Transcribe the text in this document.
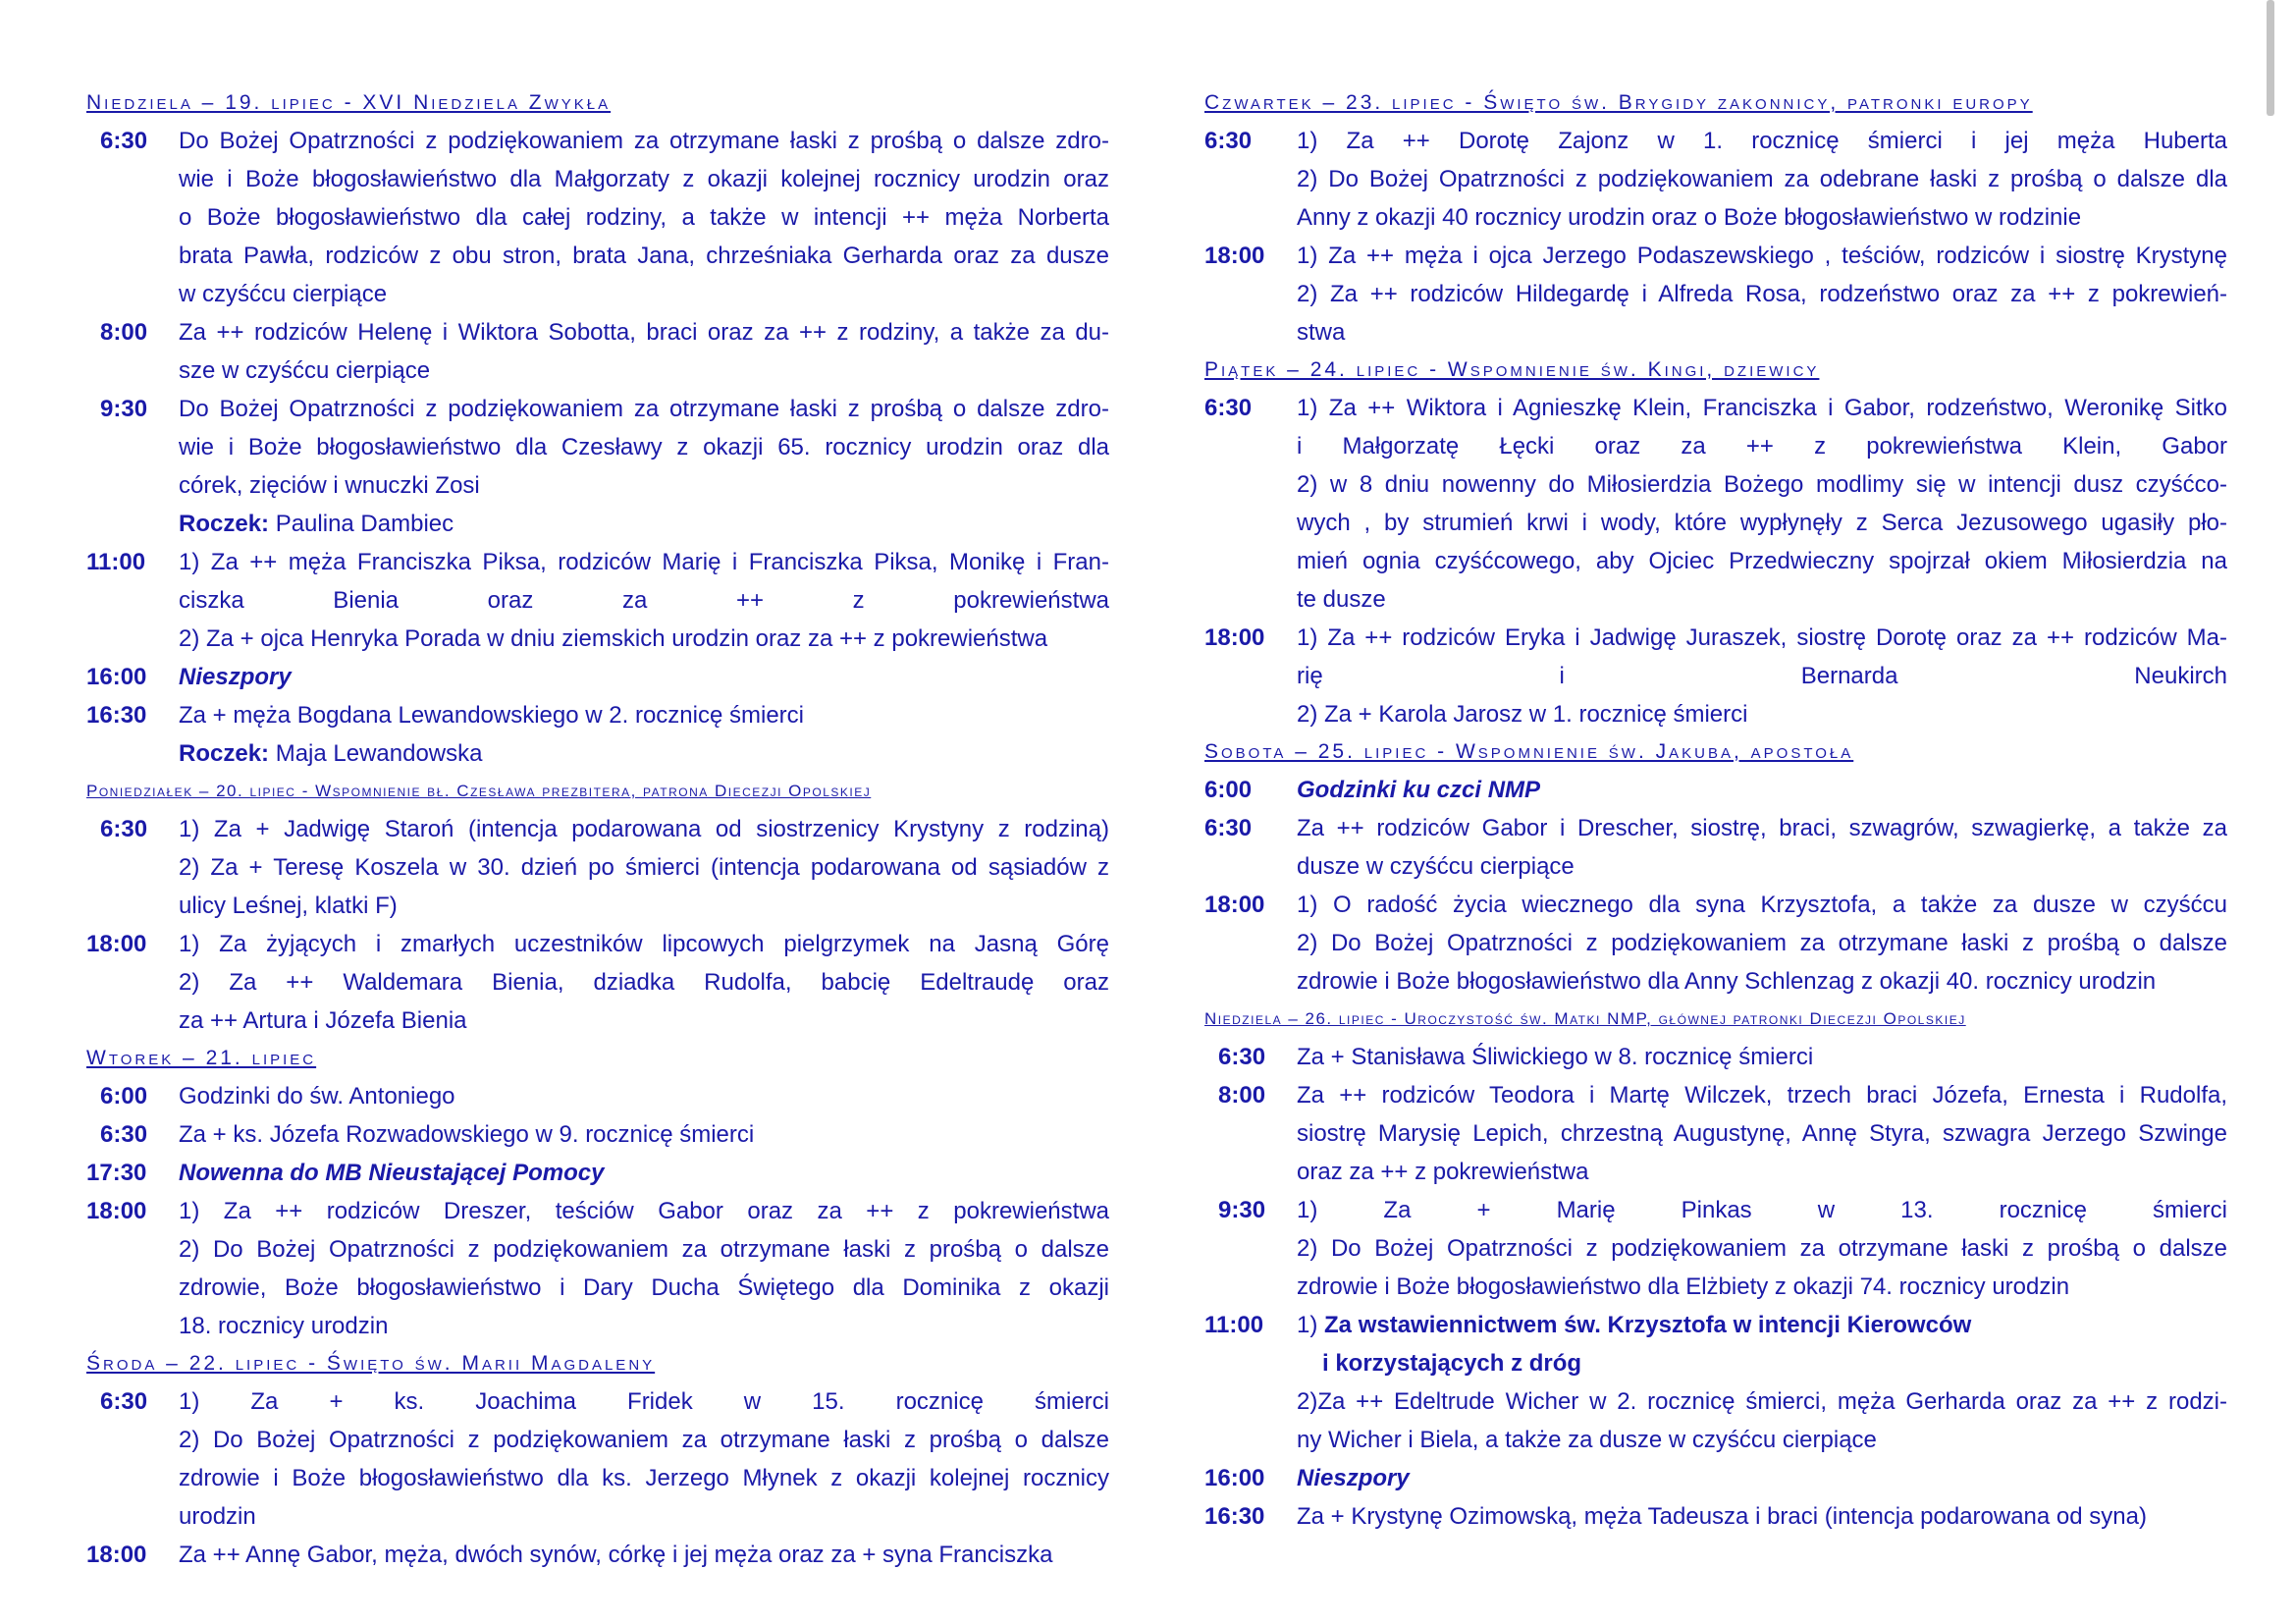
Niedziela – 19. lipiec - XVI Niedziela Zwykła
6:30	Do Bożej Opatrzności z podziękowaniem za otrzymane łaski z prośbą o dalsze zdro-
wie i Boże błogosławieństwo dla Małgorzaty z okazji kolejnej rocznicy urodzin oraz
o Boże błogosławieństwo dla całej rodziny, a także w intencji ++ męża Norberta
brata Pawła, rodziców z obu stron, brata Jana, chrześniaka Gerharda oraz za dusze
w czyśćcu cierpiące
8:00	Za ++ rodziców Helenę i Wiktora Sobotta, braci oraz za ++ z rodziny, a także za du-
sze w czyśćcu cierpiące
9:30	Do Bożej Opatrzności z podziękowaniem za otrzymane łaski z prośbą o dalsze zdro-
wie i Boże błogosławieństwo dla Czesławy z okazji 65. rocznicy urodzin oraz dla
córek, zięciów i wnuczki Zosi
Roczek: Paulina Dambiec
11:00	1) Za ++ męża Franciszka Piksa, rodziców Marię i Franciszka Piksa, Monikę i Fran-
ciszka Bienia oraz za ++ z pokrewieństwa
2) Za + ojca Henryka Porada w dniu ziemskich urodzin oraz za ++ z pokrewieństwa
16:00	Nieszpory
16:30	Za + męża Bogdana Lewandowskiego w 2. rocznicę śmierci
Roczek: Maja Lewandowska
Poniedziałek – 20. lipiec - Wspomnienie bł. Czesława prezbitera, patrona Diecezji Opolskiej
6:30	1) Za + Jadwigę Staroń (intencja podarowana od siostrzenicy Krystyny z rodziną)
2) Za + Teresę Koszela w 30. dzień po śmierci (intencja podarowana od sąsiadów z
ulicy Leśnej, klatki F)
18:00	1) Za żyjących i zmarłych uczestników lipcowych pielgrzymek na Jasną Górę
2) Za ++ Waldemara Bienia, dziadka Rudolfa, babcię Edeltraudę oraz
za ++ Artura i Józefa Bienia
Wtorek – 21. lipiec
6:00	Godzinki do św. Antoniego
6:30	Za + ks. Józefa Rozwadowskiego w 9. rocznicę śmierci
17:30	Nowenna do MB Nieustającej Pomocy
18:00	1) Za ++ rodziców Dreszer, teściów Gabor oraz za ++ z pokrewieństwa
2) Do Bożej Opatrzności z podziękowaniem za otrzymane łaski z prośbą o dalsze
zdrowie, Boże błogosławieństwo i Dary Ducha Świętego dla Dominika z okazji
18. rocznicy urodzin
Środa – 22. lipiec - Święto św. Marii Magdaleny
6:30	1) Za + ks. Joachima Fridek w 15. rocznicę śmierci
2) Do Bożej Opatrzności z podziękowaniem za otrzymane łaski z prośbą o dalsze
zdrowie i Boże błogosławieństwo dla ks. Jerzego Młynek z okazji kolejnej rocznicy
urodzin
18:00	Za ++ Annę Gabor, męża, dwóch synów, córkę i jej męża oraz za + syna Franciszka
Czwartek – 23. lipiec - Święto św. Brygidy zakonnicy, patronki europy
6:30	1) Za ++ Dorotę Zajonz w 1. rocznicę śmierci i jej męża Huberta
2) Do Bożej Opatrzności z podziękowaniem za odebrane łaski z prośbą o dalsze dla
Anny z okazji 40 rocznicy urodzin oraz o Boże błogosławieństwo w rodzinie
18:00	1) Za ++ męża i ojca Jerzego Podaszewskiego , teściów, rodziców i siostrę Krystynę
2) Za ++ rodziców Hildegardę i Alfreda Rosa, rodzeństwo oraz za ++ z pokrewień-
stwa
Piątek – 24. lipiec - Wspomnienie św. Kingi, dziewicy
6:30	1) Za ++ Wiktora i Agnieszkę Klein, Franciszka i Gabor, rodzeństwo, Weronikę Sitko
i Małgorzatę Łęcki oraz za ++ z pokrewieństwa Klein, Gabor
2) w 8 dniu nowenny do Miłosierdzia Bożego modlimy się w intencji dusz czyśćco-
wych , by strumień krwi i wody, które wypłynęły z Serca Jezusowego ugasiły pło-
mień ognia czyśćcowego, aby Ojciec Przedwieczny spojrzał okiem Miłosierdzia na
te dusze
18:00	1) Za ++ rodziców Eryka i Jadwigę Juraszek, siostrę Dorotę oraz za ++ rodziców Ma-
rię i Bernarda Neukirch
2) Za + Karola Jarosz w 1. rocznicę śmierci
Sobota – 25. lipiec - Wspomnienie św. Jakuba, apostoła
6:00	Godzinki ku czci NMP
6:30	Za ++ rodziców Gabor i Drescher, siostrę, braci, szwagrów, szwagierkę, a także za
dusze w czyśćcu cierpiące
18:00	1) O radość życia wiecznego dla syna Krzysztofa, a także za dusze w czyśćcu
2) Do Bożej Opatrzności z podziękowaniem za otrzymane łaski z prośbą o dalsze
zdrowie i Boże błogosławieństwo dla Anny Schlenzag z okazji 40. rocznicy urodzin
Niedziela – 26. lipiec - Uroczystość św. Matki NMP, głównej patronki Diecezji Opolskiej
6:30	Za + Stanisława Śliwickiego w 8. rocznicę śmierci
8:00	Za ++ rodziców Teodora i Martę Wilczek, trzech braci Józefa, Ernesta i Rudolfa,
siostrę Marysię Lepich, chrzestną Augustynę, Annę Styra, szwagra Jerzego Szwinge
oraz za ++ z pokrewieństwa
9:30	1) Za + Marię Pinkas w 13. rocznicę śmierci
2) Do Bożej Opatrzności z podziękowaniem za otrzymane łaski z prośbą o dalsze
zdrowie i Boże błogosławieństwo dla Elżbiety z okazji 74. rocznicy urodzin
11:00	1) Za wstawiennictwem św. Krzysztofa w intencji Kierowców
i korzystających z dróg
2)Za ++ Edeltrude Wicher w 2. rocznicę śmierci, męża Gerharda oraz za ++ z rodzi-
ny Wicher i Biela, a także za dusze w czyśćcu cierpiące
16:00	Nieszpory
16:30	Za + Krystynę Ozimowską, męża Tadeusza i braci (intencja podarowana od syna)
